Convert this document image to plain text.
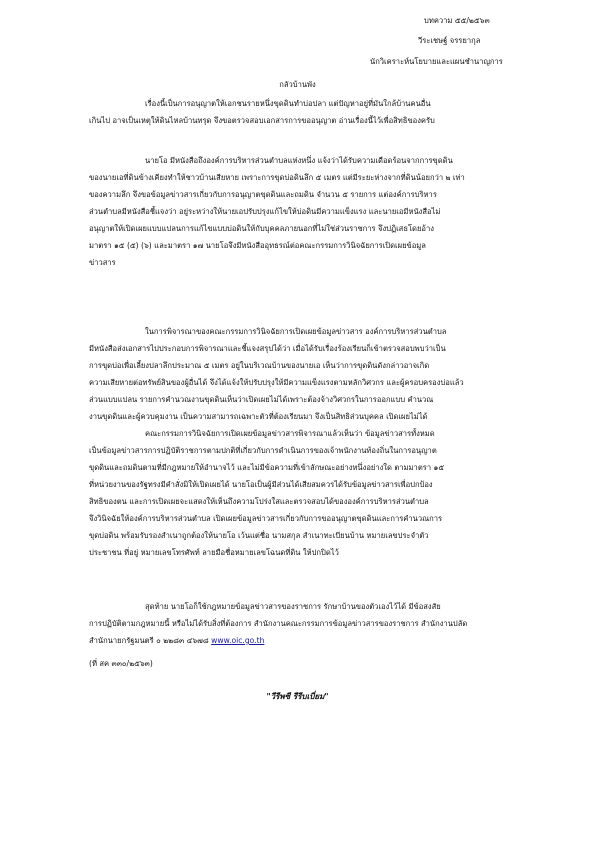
บทความ ๕๕/๒๕๖๓
วีระเชษฐ์ จรรยากุล
นักวิเคราะห์นโยบายและแผนชำนาญการ
กลัวบ้านพัง
เรื่องนี้เป็นการอนุญาตให้เอกชนรายหนึ่งขุดดินทำบ่อปลา แต่ปัญหาอยู่ที่มันใกล้บ้านคนอื่น
เกินไป อาจเป็นเหตุให้ดินไหลบ้านทรุด จึงขอตรวจสอบเอกสารการขออนุญาต อ่านเรื่องนี้ไว้เพื่อสิทธิของครับ
นายโอ มีหนังสือถึงองค์การบริหารส่วนตำบลแห่งหนึ่ง แจ้งว่าได้รับความเดือดร้อนจากการขุดดิน
ของนายเอที่ดินข้างเคียงทำให้ชาวบ้านเสียหาย เพราะการขุดบ่อดินลึก ๕ เมตร แต่มีระยะห่างจากที่ดินน้อยกว่า ๒ เท่า
ของความลึก จึงขอข้อมูลข่าวสารเกี่ยวกับการอนุญาตขุดดินและถมดิน จำนวน ๕ รายการ แต่องค์การบริหาร
ส่วนตำบลมีหนังสือชี้แจงว่า อยู่ระหว่างให้นายเอปรับปรุงแก้ไขให้บ่อดินมีความแข็งแรง และนายเอมีหนังสือไม่
อนุญาตให้เปิดเผยแบบแปลนการแก้ไขแบบบ่อดินให้กับบุคคลภายนอกที่ไม่ใช่ส่วนราชการ จึงปฏิเสธโดยอ้าง
มาตรา ๑๕ (๕) (๖) และมาตรา ๑๗ นายโอจึงมีหนังสืออุทธรณ์ต่อคณะกรรมการวินิจฉัยการเปิดเผยข้อมูล
ข่าวสาร
ในการพิจารณาของคณะกรรมการวินิจฉัยการเปิดเผยข้อมูลข่าวสาร องค์การบริหารส่วนตำบล
มีหนังสือส่งเอกสารไปประกอบการพิจารณาและชี้แจงสรุปได้ว่า เมื่อได้รับเรื่องร้องเรียนก็เข้าตรวจสอบพบว่าเป็น
การขุดบ่อเพื่อเลี้ยงปลาลึกประมาณ ๕ เมตร อยู่ในบริเวณบ้านของนายเอ เห็นว่าการขุดดินดังกล่าวอาจเกิด
ความเสียหายต่อทรัพย์สินของผู้อื่นได้ จึงได้แจ้งให้ปรับปรุงให้มีความแข็งแรงตามหลักวิศวกร และผู้ครอบครองบ่อแล้ว
ส่วนแบบแปลน รายการคำนวณงานขุดดินเห็นว่าเปิดเผยไม่ได้เพราะต้องจ้างวิศวกรในการออกแบบ คำนวณ
งานขุดดินและผู้ควบคุมงาน เป็นความสามารถเฉพาะตัวที่ต้องเรียนมา จึงเป็นสิทธิส่วนบุคคล เปิดเผยไม่ได้
คณะกรรมการวินิจฉัยการเปิดเผยข้อมูลข่าวสารพิจารณาแล้วเห็นว่า ข้อมูลข่าวสารทั้งหมด
เป็นข้อมูลข่าวสารการปฏิบัติราชการตามปกติที่เกี่ยวกับการดำเนินการของเจ้าพนักงานท้องถิ่นในการอนุญาต
ขุดดินและถมดินตามที่มีกฎหมายให้อำนาจไว้ และไม่มีข้อความที่เข้าลักษณะอย่างหนึ่งอย่างใด ตามมาตรา ๑๕
ที่หน่วยงานของรัฐทรงมีคำสั่งมิให้เปิดเผยได้ นายโอเป็นผู้มีส่วนได้เสียสมควรได้รับข้อมูลข่าวสารเพื่อปกป้อง
สิทธิของตน และการเปิดเผยจะแสดงให้เห็นถึงความโปร่งใสและตรวจสอบได้ขององค์การบริหารส่วนตำบล
จึงวินิจฉัยให้องค์การบริหารส่วนตำบล เปิดเผยข้อมูลข่าวสารเกี่ยวกับการขออนุญาตขุดดินและการคำนวณการ
ขุดบ่อดิน พร้อมรับรองสำเนาถูกต้องให้นายโอ เว้นแต่ชื่อ นามสกุล สำเนาทะเบียนบ้าน หมายเลขประจำตัว
ประชาชน ที่อยู่ หมายเลขโทรศัพท์ ลายมือชื่อหมายเลขโฉนดที่ดิน ให้ปกปิดไว้
สุดท้าย นายโอก็ใช้กฎหมายข้อมูลข่าวสารของราชการ รักษาบ้านของตัวเองไว้ได้ มีข้อสงสัย
การปฏิบัติตามกฎหมายนี้ หรือไม่ได้รับสิ่งที่ต้องการ สำนักงานคณะกรรมการข้อมูลข่าวสารของราชการ สำนักงานปลัด
สำนักนายกรัฐมนตรี ๐ ๒๒๘๓ ๔๖๗๘ www.oic.go.th
(ที่ สค ๓๓๐/๒๕๖๓)
"วีรีพซี รีรีบเบี่ยม"
